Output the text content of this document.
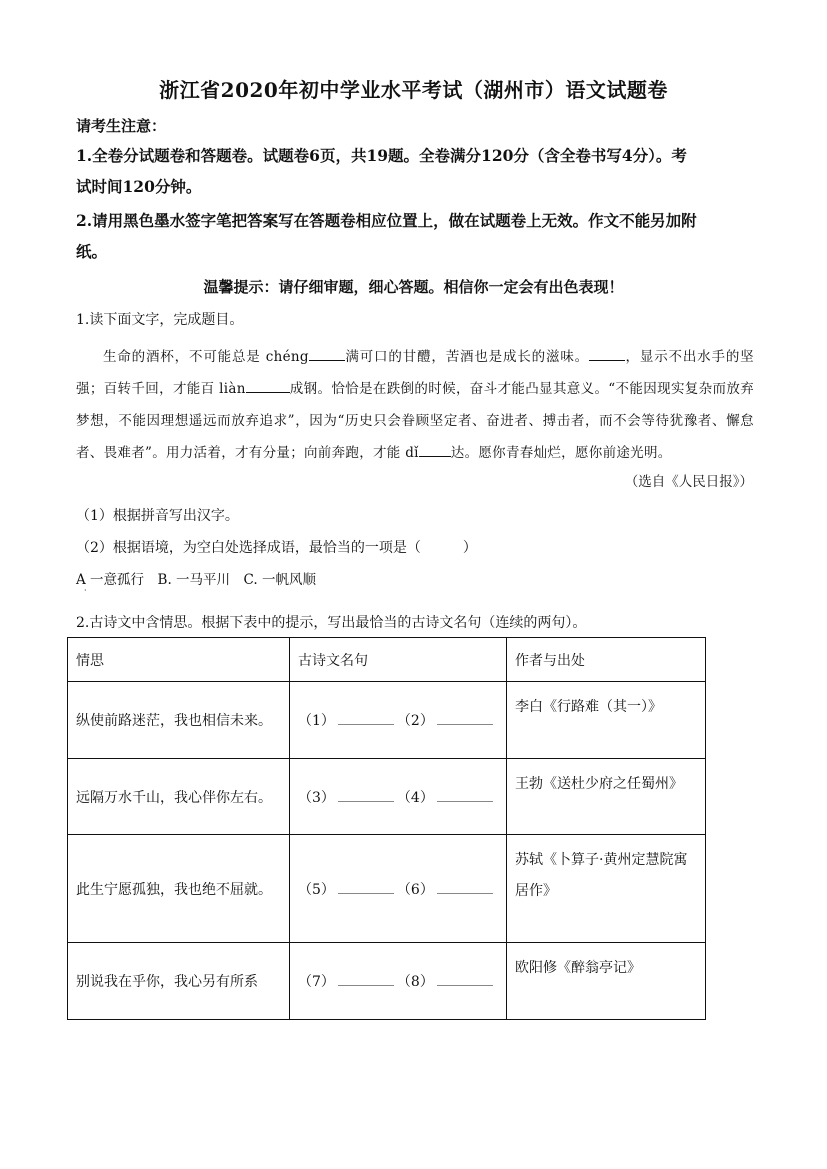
浙江省2020年初中学业水平考试（湖州市）语文试题卷
请考生注意：
1.全卷分试题卷和答题卷。试题卷6页，共19题。全卷满分120分（含全卷书写4分）。考
试时间120分钟。
2.请用黑色墨水签字笔把答案写在答题卷相应位置上，做在试题卷上无效。作文不能另加附
纸。
温馨提示：请仔细审题，细心答题。相信你一定会有出色表现！
1.读下面文字，完成题目。
生命的酒杯，不可能总是 chéng	满可口的甘醴，苦酒也是成长的滋味。	，显示不出水手的坚强；百转千回，才能百 liàn	成钢。恰恰是在跌倒的时候，奋斗才能凸显其意义。“不能因现实复杂而放弃梦想，不能因理想遥远而放弃追求”，因为“历史只会眷顾坚定者、奋进者、搏击者，而不会等待犹豫者、懈怠者、畏难者”。用力活着，才有分量；向前奔跑，才能 dǐ 达。愿你青春灿烂，愿你前途光明。
（选自《人民日报》）
（1）根据拼音写出汉字。
（2）根据语境，为空白处选择成语，最恰当的一项是（　　　）
A 一意孤行　B. 一马平川　C. 一帆风顺
·
2.古诗文中含情思。根据下表中的提示，写出最恰当的古诗文名句（连续的两句）。
情思	古诗文名句	作者与出处
纵使前路迷茫，我也相信未来。	（1） （2）	李白《行路难（其一）》
远隔万水千山，我心伴你左右。	（3） （4）	王勃《送杜少府之任蜀州》
此生宁愿孤独，我也绝不屈就。	（5） （6）	苏轼《卜算子·黄州定慧院寓居作》
别说我在乎你，我心另有所系	（7） （8）	欧阳修《醉翁亭记》
